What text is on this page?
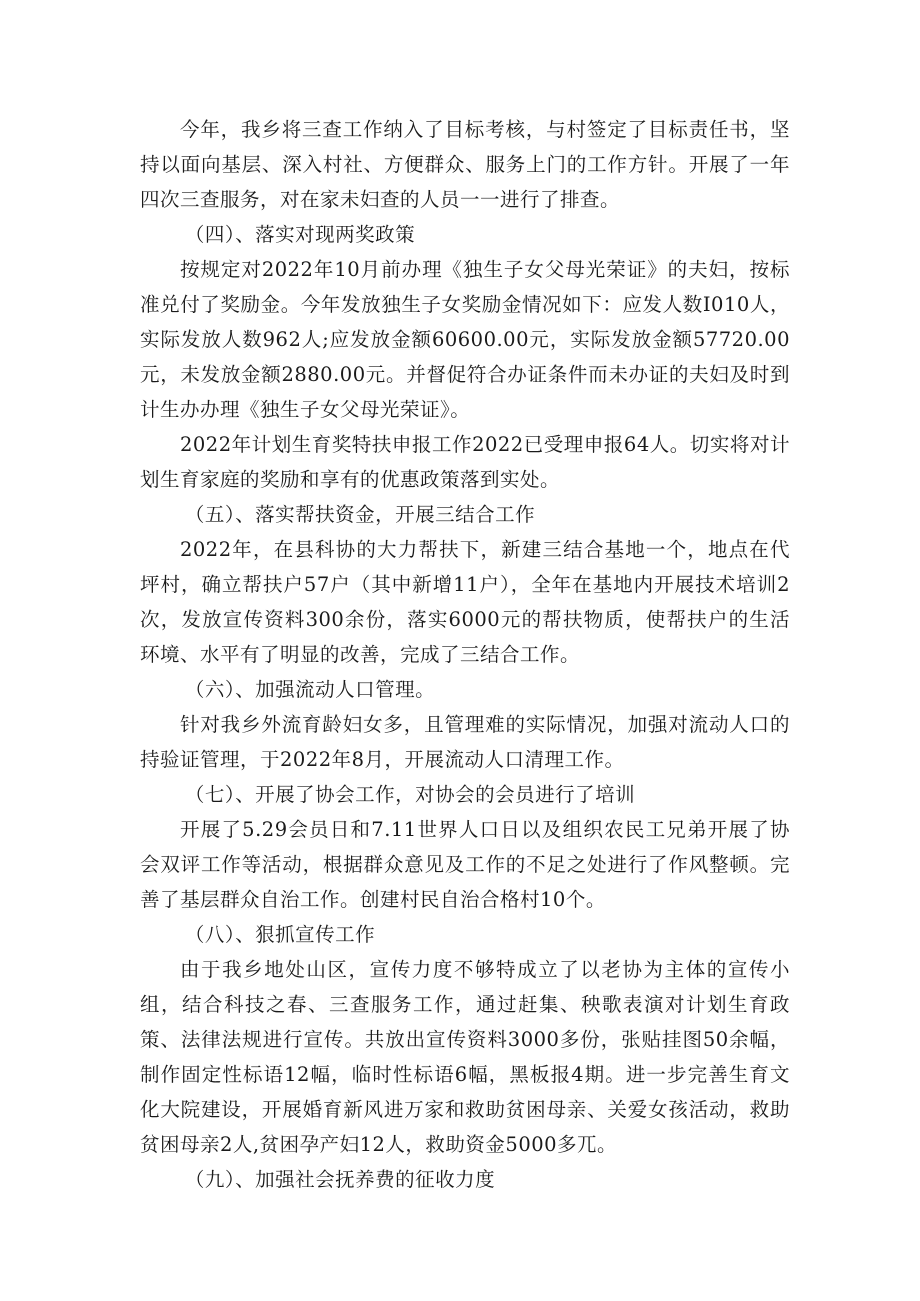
今年，我乡将三查工作纳入了目标考核，与村签定了目标责任书，坚持以面向基层、深入村社、方便群众、服务上门的工作方针。开展了一年四次三查服务，对在家未妇查的人员一一进行了排查。

（四）、落实对现两奖政策

按规定对2022年10月前办理《独生子女父母光荣证》的夫妇，按标准兑付了奖励金。今年发放独生子女奖励金情况如下：应发人数I010人，实际发放人数962人;应发放金额60600.00元，实际发放金额57720.00元，未发放金额2880.00元。并督促符合办证条件而未办证的夫妇及时到计生办办理《独生子女父母光荣证》。

2022年计划生育奖特扶申报工作2022已受理申报64人。切实将对计划生育家庭的奖励和享有的优惠政策落到实处。

（五）、落实帮扶资金，开展三结合工作

2022年，在县科协的大力帮扶下，新建三结合基地一个，地点在代坪村，确立帮扶户57户（其中新增11户），全年在基地内开展技术培训2次，发放宣传资料300余份，落实6000元的帮扶物质，使帮扶户的生活环境、水平有了明显的改善，完成了三结合工作。

（六）、加强流动人口管理。

针对我乡外流育龄妇女多，且管理难的实际情况，加强对流动人口的持验证管理，于2022年8月，开展流动人口清理工作。

（七）、开展了协会工作，对协会的会员进行了培训

开展了5.29会员日和7.11世界人口日以及组织农民工兄弟开展了协会双评工作等活动，根据群众意见及工作的不足之处进行了作风整顿。完善了基层群众自治工作。创建村民自治合格村10个。

（八）、狠抓宣传工作

由于我乡地处山区，宣传力度不够特成立了以老协为主体的宣传小组，结合科技之春、三查服务工作，通过赶集、秧歌表演对计划生育政策、法律法规进行宣传。共放出宣传资料3000多份，张贴挂图50余幅，制作固定性标语12幅，临时性标语6幅，黑板报4期。进一步完善生育文化大院建设，开展婚育新风进万家和救助贫困母亲、关爱女孩活动，救助贫困母亲2人,贫困孕产妇12人，救助资金5000多兀。

（九）、加强社会抚养费的征收力度
